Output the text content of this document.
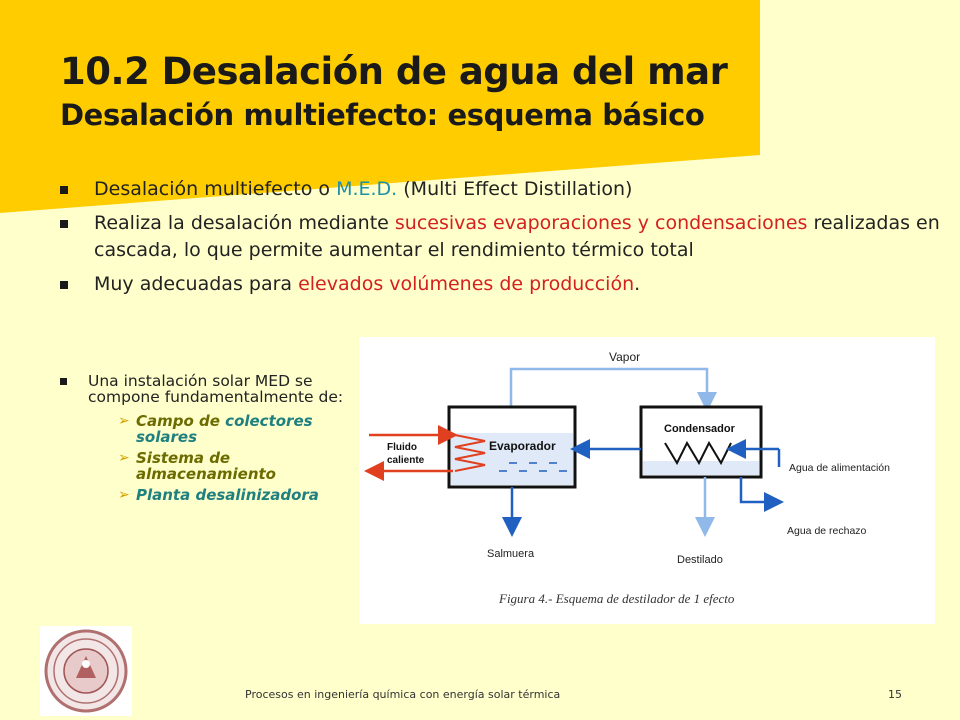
10.2 Desalación de agua del mar
Desalación multiefecto: esquema básico
Desalación multiefecto o M.E.D. (Multi Effect Distillation)
Realiza la desalación mediante sucesivas evaporaciones y condensaciones realizadas en cascada, lo que permite aumentar el rendimiento térmico total
Muy adecuadas para elevados volúmenes de producción.
Una instalación solar MED se compone fundamentalmente de:
➢ Campo de colectores solares
➢ Sistema de almacenamiento
➢ Planta desalinizadora
Vapor
Evaporador
Fluido
caliente
Salmuera
Condensador
Agua de alimentación
Agua de rechazo
Destilado
Figura 4.- Esquema de destilador de 1 efecto
Procesos en ingeniería química con energía solar térmica	15
